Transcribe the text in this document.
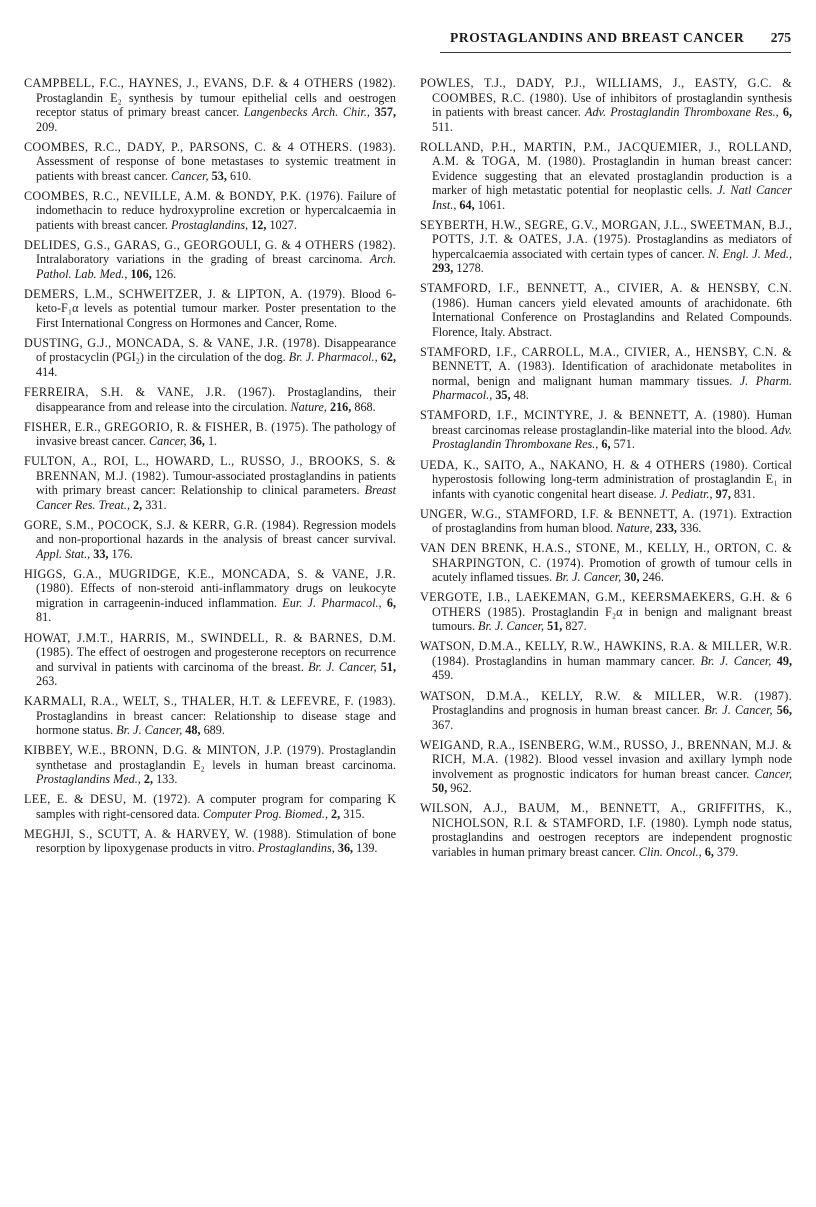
PROSTAGLANDINS AND BREAST CANCER 275

CAMPBELL, F.C., HAYNES, J., EVANS, D.F. & 4 OTHERS (1982). Prostaglandin E₂ synthesis by tumour epithelial cells and oestrogen receptor status of primary breast cancer. Langenbecks Arch. Chir., 357, 209.

COOMBES, R.C., DADY, P., PARSONS, C. & 4 OTHERS. (1983). Assessment of response of bone metastases to systemic treatment in patients with breast cancer. Cancer, 53, 610.

COOMBES, R.C., NEVILLE, A.M. & BONDY, P.K. (1976). Failure of indomethacin to reduce hydroxyproline excretion or hypercalcaemia in patients with breast cancer. Prostaglandins, 12, 1027.

DELIDES, G.S., GARAS, G., GEORGOULI, G. & 4 OTHERS (1982). Intralaboratory variations in the grading of breast carcinoma. Arch. Pathol. Lab. Med., 106, 126.

DEMERS, L.M., SCHWEITZER, J. & LIPTON, A. (1979). Blood 6-keto-F₁α levels as potential tumour marker. Poster presentation to the First International Congress on Hormones and Cancer, Rome.

DUSTING, G.J., MONCADA, S. & VANE, J.R. (1978). Disappearance of prostacyclin (PGI₂) in the circulation of the dog. Br. J. Pharmacol., 62, 414.

FERREIRA, S.H. & VANE, J.R. (1967). Prostaglandins, their disappearance from and release into the circulation. Nature, 216, 868.

FISHER, E.R., GREGORIO, R. & FISHER, B. (1975). The pathology of invasive breast cancer. Cancer, 36, 1.

FULTON, A., ROI, L., HOWARD, L., RUSSO, J., BROOKS, S. & BRENNAN, M.J. (1982). Tumour-associated prostaglandins in patients with primary breast cancer: Relationship to clinical parameters. Breast Cancer Res. Treat., 2, 331.

GORE, S.M., POCOCK, S.J. & KERR, G.R. (1984). Regression models and non-proportional hazards in the analysis of breast cancer survival. Appl. Stat., 33, 176.

HIGGS, G.A., MUGRIDGE, K.E., MONCADA, S. & VANE, J.R. (1980). Effects of non-steroid anti-inflammatory drugs on leukocyte migration in carrageenin-induced inflammation. Eur. J. Pharmacol., 6, 81.

HOWAT, J.M.T., HARRIS, M., SWINDELL, R. & BARNES, D.M. (1985). The effect of oestrogen and progesterone receptors on recurrence and survival in patients with carcinoma of the breast. Br. J. Cancer, 51, 263.

KARMALI, R.A., WELT, S., THALER, H.T. & LEFEVRE, F. (1983). Prostaglandins in breast cancer: Relationship to disease stage and hormone status. Br. J. Cancer, 48, 689.

KIBBEY, W.E., BRONN, D.G. & MINTON, J.P. (1979). Prostaglandin synthetase and prostaglandin E₂ levels in human breast carcinoma. Prostaglandins Med., 2, 133.

LEE, E. & DESU, M. (1972). A computer program for comparing K samples with right-censored data. Computer Prog. Biomed., 2, 315.

MEGHJI, S., SCUTT, A. & HARVEY, W. (1988). Stimulation of bone resorption by lipoxygenase products in vitro. Prostaglandins, 36, 139.

POWLES, T.J., DADY, P.J., WILLIAMS, J., EASTY, G.C. & COOMBES, R.C. (1980). Use of inhibitors of prostaglandin synthesis in patients with breast cancer. Adv. Prostaglandin Thromboxane Res., 6, 511.

ROLLAND, P.H., MARTIN, P.M., JACQUEMIER, J., ROLLAND, A.M. & TOGA, M. (1980). Prostaglandin in human breast cancer: Evidence suggesting that an elevated prostaglandin production is a marker of high metastatic potential for neoplastic cells. J. Natl Cancer Inst., 64, 1061.

SEYBERTH, H.W., SEGRE, G.V., MORGAN, J.L., SWEETMAN, B.J., POTTS, J.T. & OATES, J.A. (1975). Prostaglandins as mediators of hypercalcaemia associated with certain types of cancer. N. Engl. J. Med., 293, 1278.

STAMFORD, I.F., BENNETT, A., CIVIER, A. & HENSBY, C.N. (1986). Human cancers yield elevated amounts of arachidonate. 6th International Conference on Prostaglandins and Related Compounds. Florence, Italy. Abstract.

STAMFORD, I.F., CARROLL, M.A., CIVIER, A., HENSBY, C.N. & BENNETT, A. (1983). Identification of arachidonate metabolites in normal, benign and malignant human mammary tissues. J. Pharm. Pharmacol., 35, 48.

STAMFORD, I.F., MCINTYRE, J. & BENNETT, A. (1980). Human breast carcinomas release prostaglandin-like material into the blood. Adv. Prostaglandin Thromboxane Res., 6, 571.

UEDA, K., SAITO, A., NAKANO, H. & 4 OTHERS (1980). Cortical hyperostosis following long-term administration of prostaglandin E₁ in infants with cyanotic congenital heart disease. J. Pediatr., 97, 831.

UNGER, W.G., STAMFORD, I.F. & BENNETT, A. (1971). Extraction of prostaglandins from human blood. Nature, 233, 336.

VAN DEN BRENK, H.A.S., STONE, M., KELLY, H., ORTON, C. & SHARPINGTON, C. (1974). Promotion of growth of tumour cells in acutely inflamed tissues. Br. J. Cancer, 30, 246.

VERGOTE, I.B., LAEKEMAN, G.M., KEERSMAEKERS, G.H. & 6 OTHERS (1985). Prostaglandin F₂α in benign and malignant breast tumours. Br. J. Cancer, 51, 827.

WATSON, D.M.A., KELLY, R.W., HAWKINS, R.A. & MILLER, W.R. (1984). Prostaglandins in human mammary cancer. Br. J. Cancer, 49, 459.

WATSON, D.M.A., KELLY, R.W. & MILLER, W.R. (1987). Prostaglandins and prognosis in human breast cancer. Br. J. Cancer, 56, 367.

WEIGAND, R.A., ISENBERG, W.M., RUSSO, J., BRENNAN, M.J. & RICH, M.A. (1982). Blood vessel invasion and axillary lymph node involvement as prognostic indicators for human breast cancer. Cancer, 50, 962.

WILSON, A.J., BAUM, M., BENNETT, A., GRIFFITHS, K., NICHOLSON, R.I. & STAMFORD, I.F. (1980). Lymph node status, prostaglandins and oestrogen receptors are independent prognostic variables in human primary breast cancer. Clin. Oncol., 6, 379.
